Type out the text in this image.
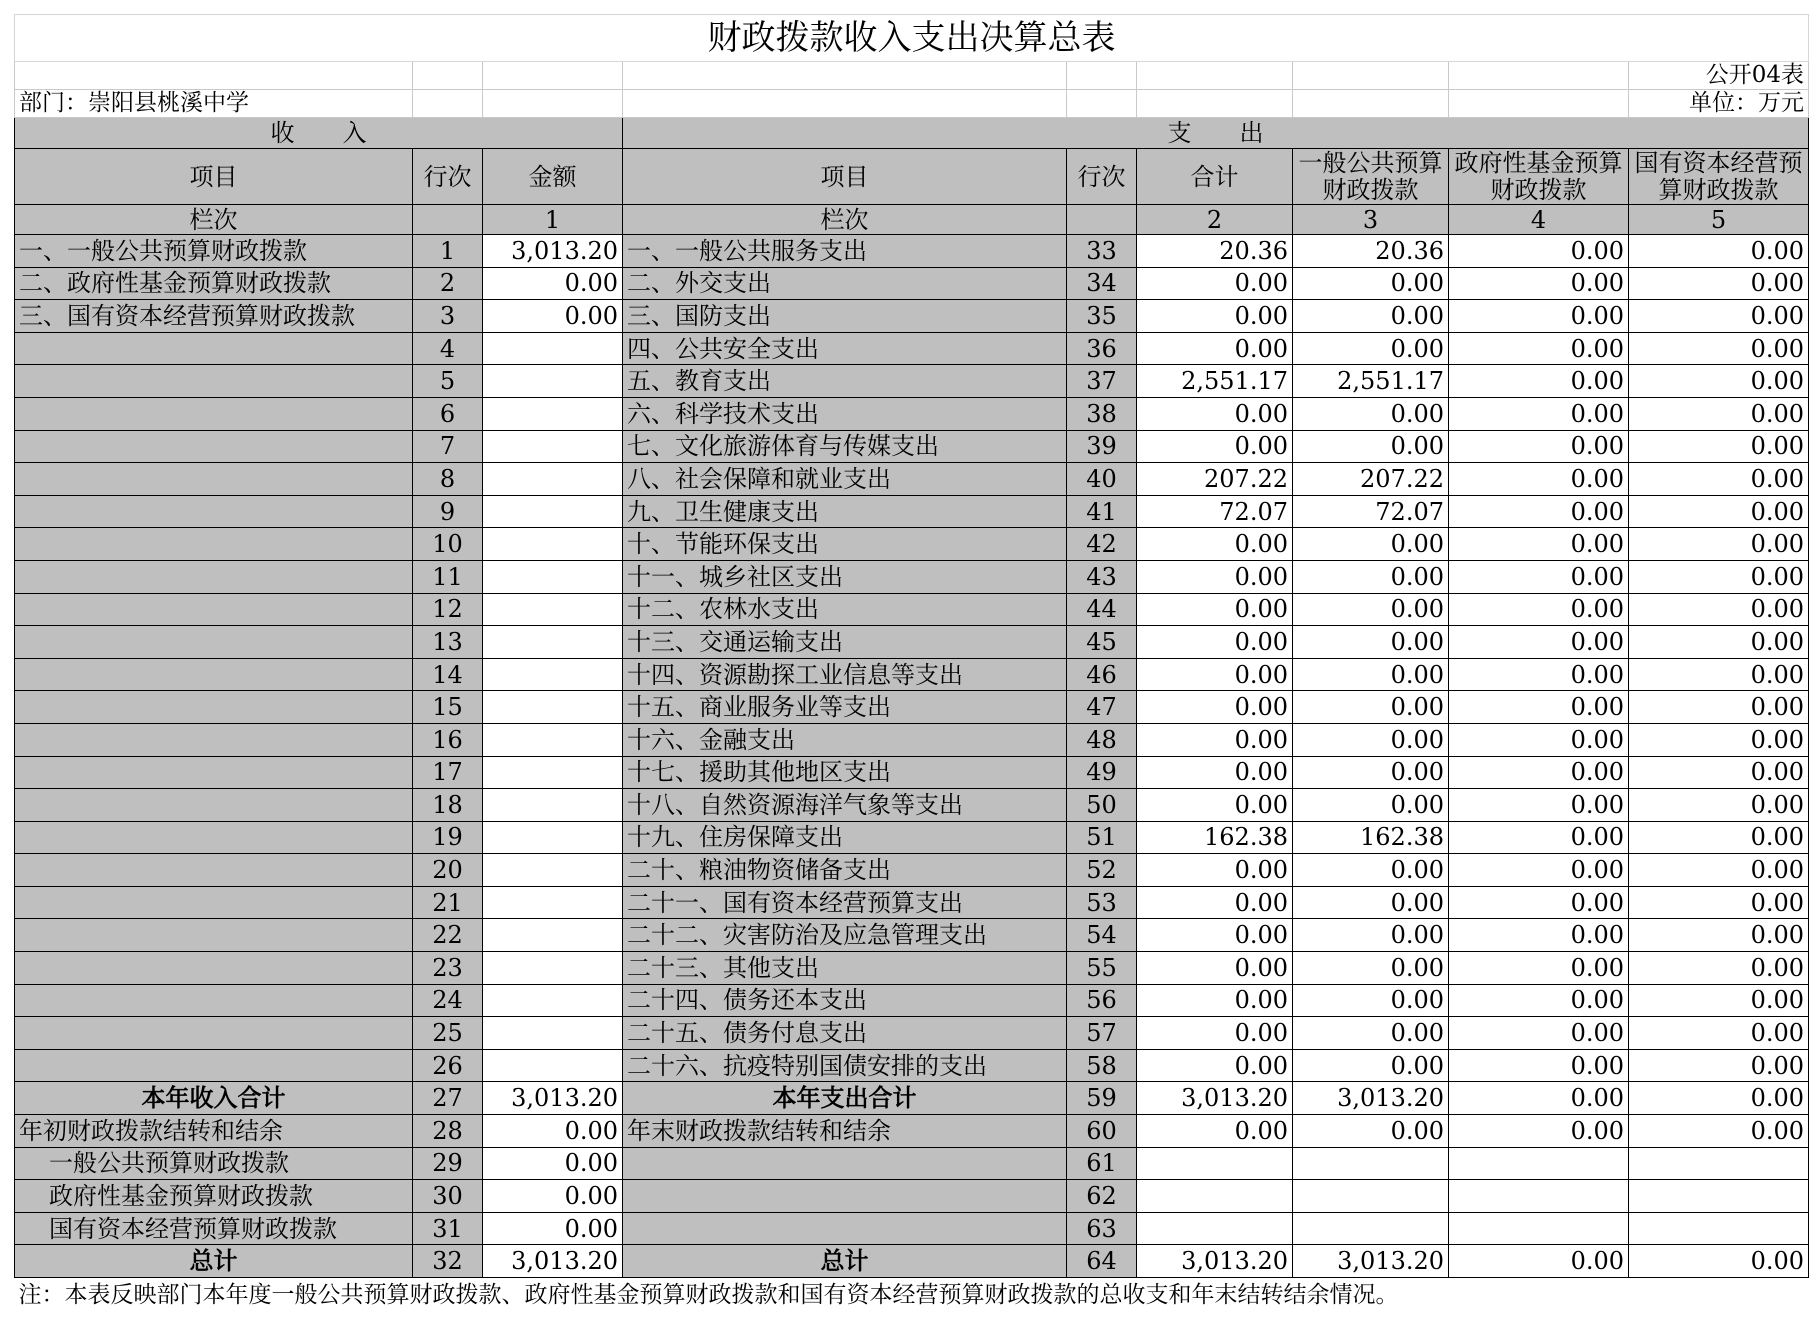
财政拨款收入支出决算总表								
								公开04表
部门：崇阳县桃溪中学								单位：万元
收　　入			支　　出					
项目	行次	金额	项目	行次	合计	一般公共预算财政拨款	政府性基金预算财政拨款	国有资本经营预算财政拨款
栏次		1	栏次		2	3	4	5
一、一般公共预算财政拨款	1	3,013.20	一、一般公共服务支出	33	20.36	20.36	0.00	0.00
二、政府性基金预算财政拨款	2	0.00	二、外交支出	34	0.00	0.00	0.00	0.00
三、国有资本经营预算财政拨款	3	0.00	三、国防支出	35	0.00	0.00	0.00	0.00
	4		四、公共安全支出	36	0.00	0.00	0.00	0.00
	5		五、教育支出	37	2,551.17	2,551.17	0.00	0.00
	6		六、科学技术支出	38	0.00	0.00	0.00	0.00
	7		七、文化旅游体育与传媒支出	39	0.00	0.00	0.00	0.00
	8		八、社会保障和就业支出	40	207.22	207.22	0.00	0.00
	9		九、卫生健康支出	41	72.07	72.07	0.00	0.00
	10		十、节能环保支出	42	0.00	0.00	0.00	0.00
	11		十一、城乡社区支出	43	0.00	0.00	0.00	0.00
	12		十二、农林水支出	44	0.00	0.00	0.00	0.00
	13		十三、交通运输支出	45	0.00	0.00	0.00	0.00
	14		十四、资源勘探工业信息等支出	46	0.00	0.00	0.00	0.00
	15		十五、商业服务业等支出	47	0.00	0.00	0.00	0.00
	16		十六、金融支出	48	0.00	0.00	0.00	0.00
	17		十七、援助其他地区支出	49	0.00	0.00	0.00	0.00
	18		十八、自然资源海洋气象等支出	50	0.00	0.00	0.00	0.00
	19		十九、住房保障支出	51	162.38	162.38	0.00	0.00
	20		二十、粮油物资储备支出	52	0.00	0.00	0.00	0.00
	21		二十一、国有资本经营预算支出	53	0.00	0.00	0.00	0.00
	22		二十二、灾害防治及应急管理支出	54	0.00	0.00	0.00	0.00
	23		二十三、其他支出	55	0.00	0.00	0.00	0.00
	24		二十四、债务还本支出	56	0.00	0.00	0.00	0.00
	25		二十五、债务付息支出	57	0.00	0.00	0.00	0.00
	26		二十六、抗疫特别国债安排的支出	58	0.00	0.00	0.00	0.00
本年收入合计	27	3,013.20	本年支出合计	59	3,013.20	3,013.20	0.00	0.00
年初财政拨款结转和结余	28	0.00	年末财政拨款结转和结余	60	0.00	0.00	0.00	0.00
一般公共预算财政拨款	29	0.00		61				
政府性基金预算财政拨款	30	0.00		62				
国有资本经营预算财政拨款	31	0.00		63				
总计	32	3,013.20	总计	64	3,013.20	3,013.20	0.00	0.00
注：本表反映部门本年度一般公共预算财政拨款、政府性基金预算财政拨款和国有资本经营预算财政拨款的总收支和年末结转结余情况。								
